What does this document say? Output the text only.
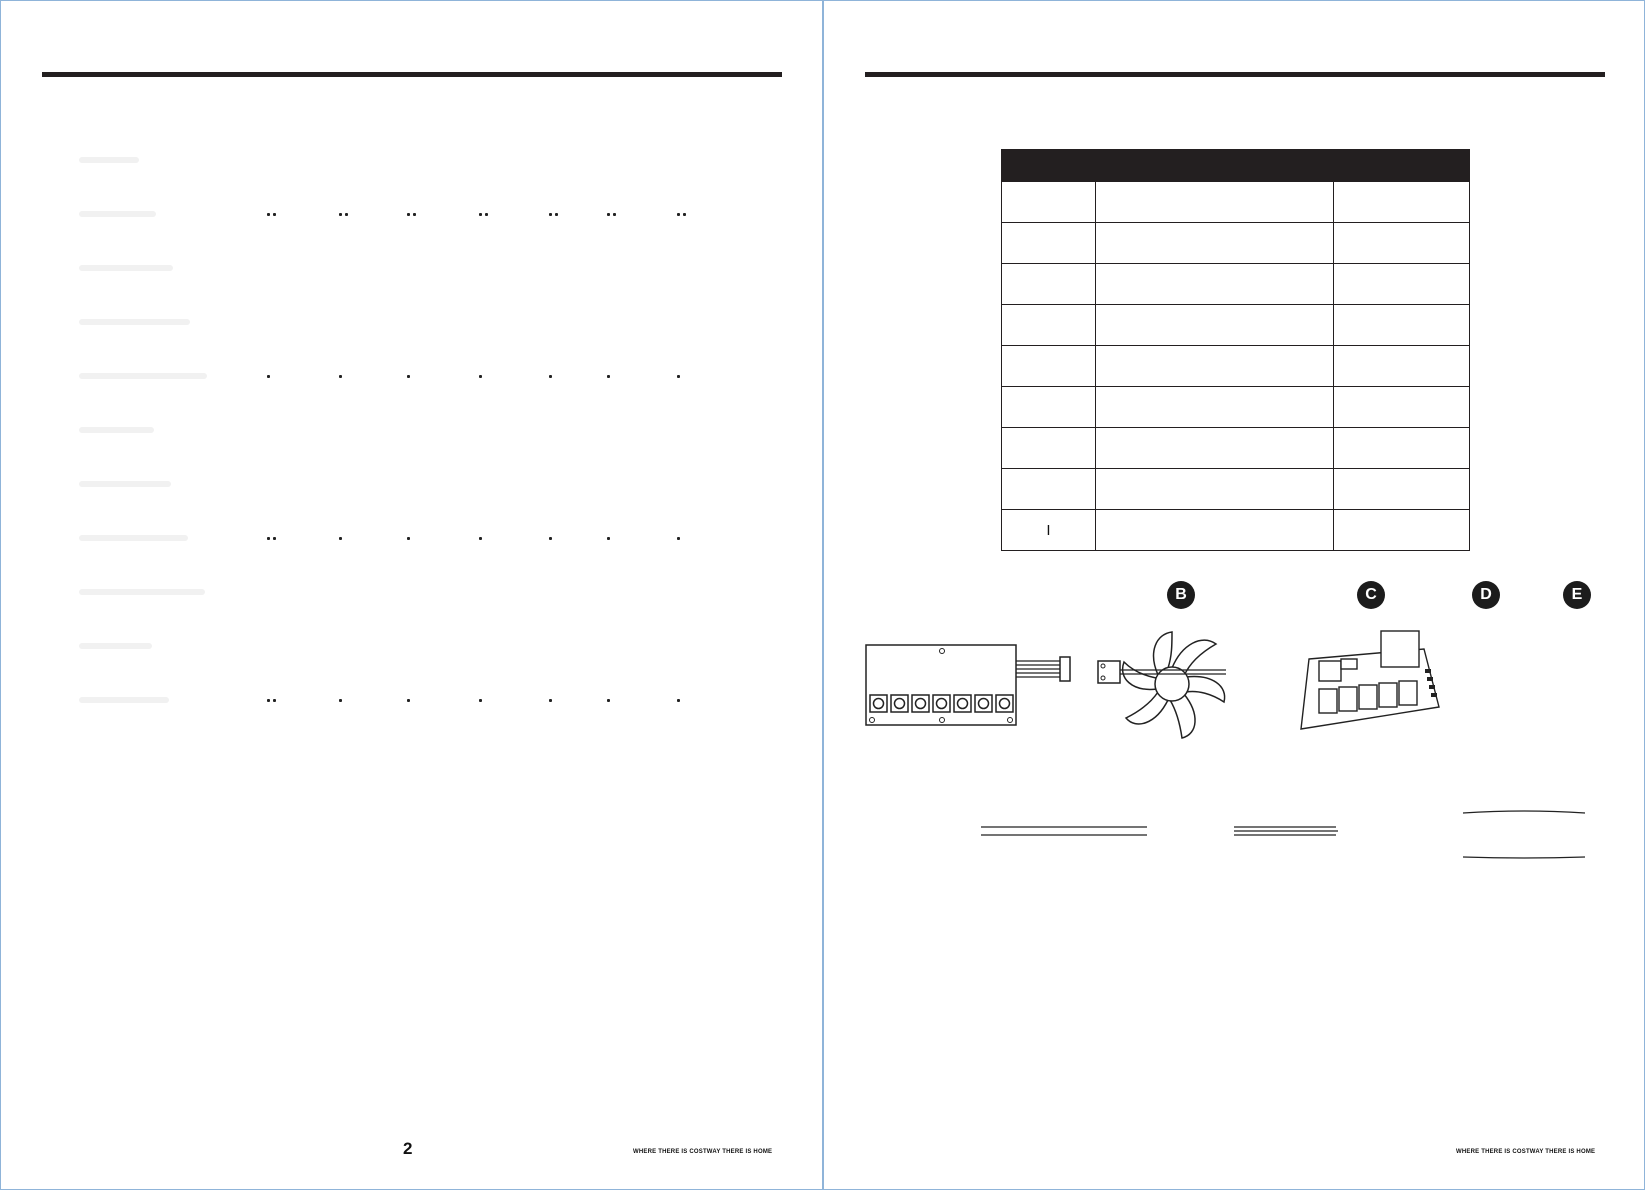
2	WHERE THERE IS COSTWAY THERE IS HOME

I		
B	C	D	E
WHERE THERE IS COSTWAY THERE IS HOME
